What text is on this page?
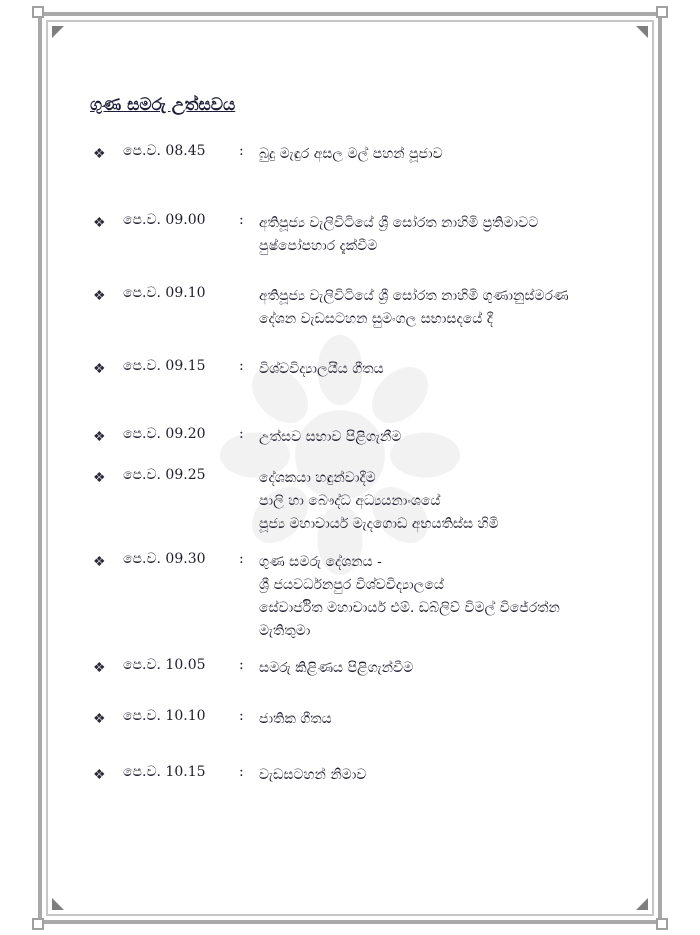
ගුණ සමරු උත්සවය
❖ පෙ.ව. 08.45 : බුදු මැඳුර අසල මල් පහන් පූජාව
❖ පෙ.ව. 09.00 : අතිපූජ්‍ය වැලිවිටියේ ශ්‍රී සෝරත නාහිමි ප්‍රතිමාවට
පුෂ්පෝපහාර දැක්වීම
❖ පෙ.ව. 09.10	අතිපූජ්‍ය වැලිවිටියේ ශ්‍රී සෝරත නාහිමි ගුණානුස්මරණ
දේශන වැඩසටහන සුමංගල සභාසදයේ දී
❖ පෙ.ව. 09.15 : විශ්වවිද්‍යාලයීය ගීතය
❖ පෙ.ව. 09.20 : උත්සව සභාව පිළිගැනීම
❖ පෙ.ව. 09.25	දේශකයා හඳුන්වාදීම
පාලි හා බෞද්ධ අධ්‍යයනාංශයේ
පූජ්‍ය මහාචාර්ය මැදගොඩ අභයතිස්ස හිමි
❖ පෙ.ව. 09.30 : ගුණ සමරු දේශනය -
ශ්‍රී ජයවර්ධනපුර විශ්වවිද්‍යාලයේ
සේවාර්ජිත මහාචාර්ය එම්. ඩබ්ලිව් විමල් විජේරත්න
මැතිතුමා
❖ පෙ.ව. 10.05 : සමරු කිළිණය පිළිගැන්වීම
❖ පෙ.ව. 10.10 : ජාතික ගීතය
❖ පෙ.ව. 10.15 : වැඩසටහන් නිමාව
